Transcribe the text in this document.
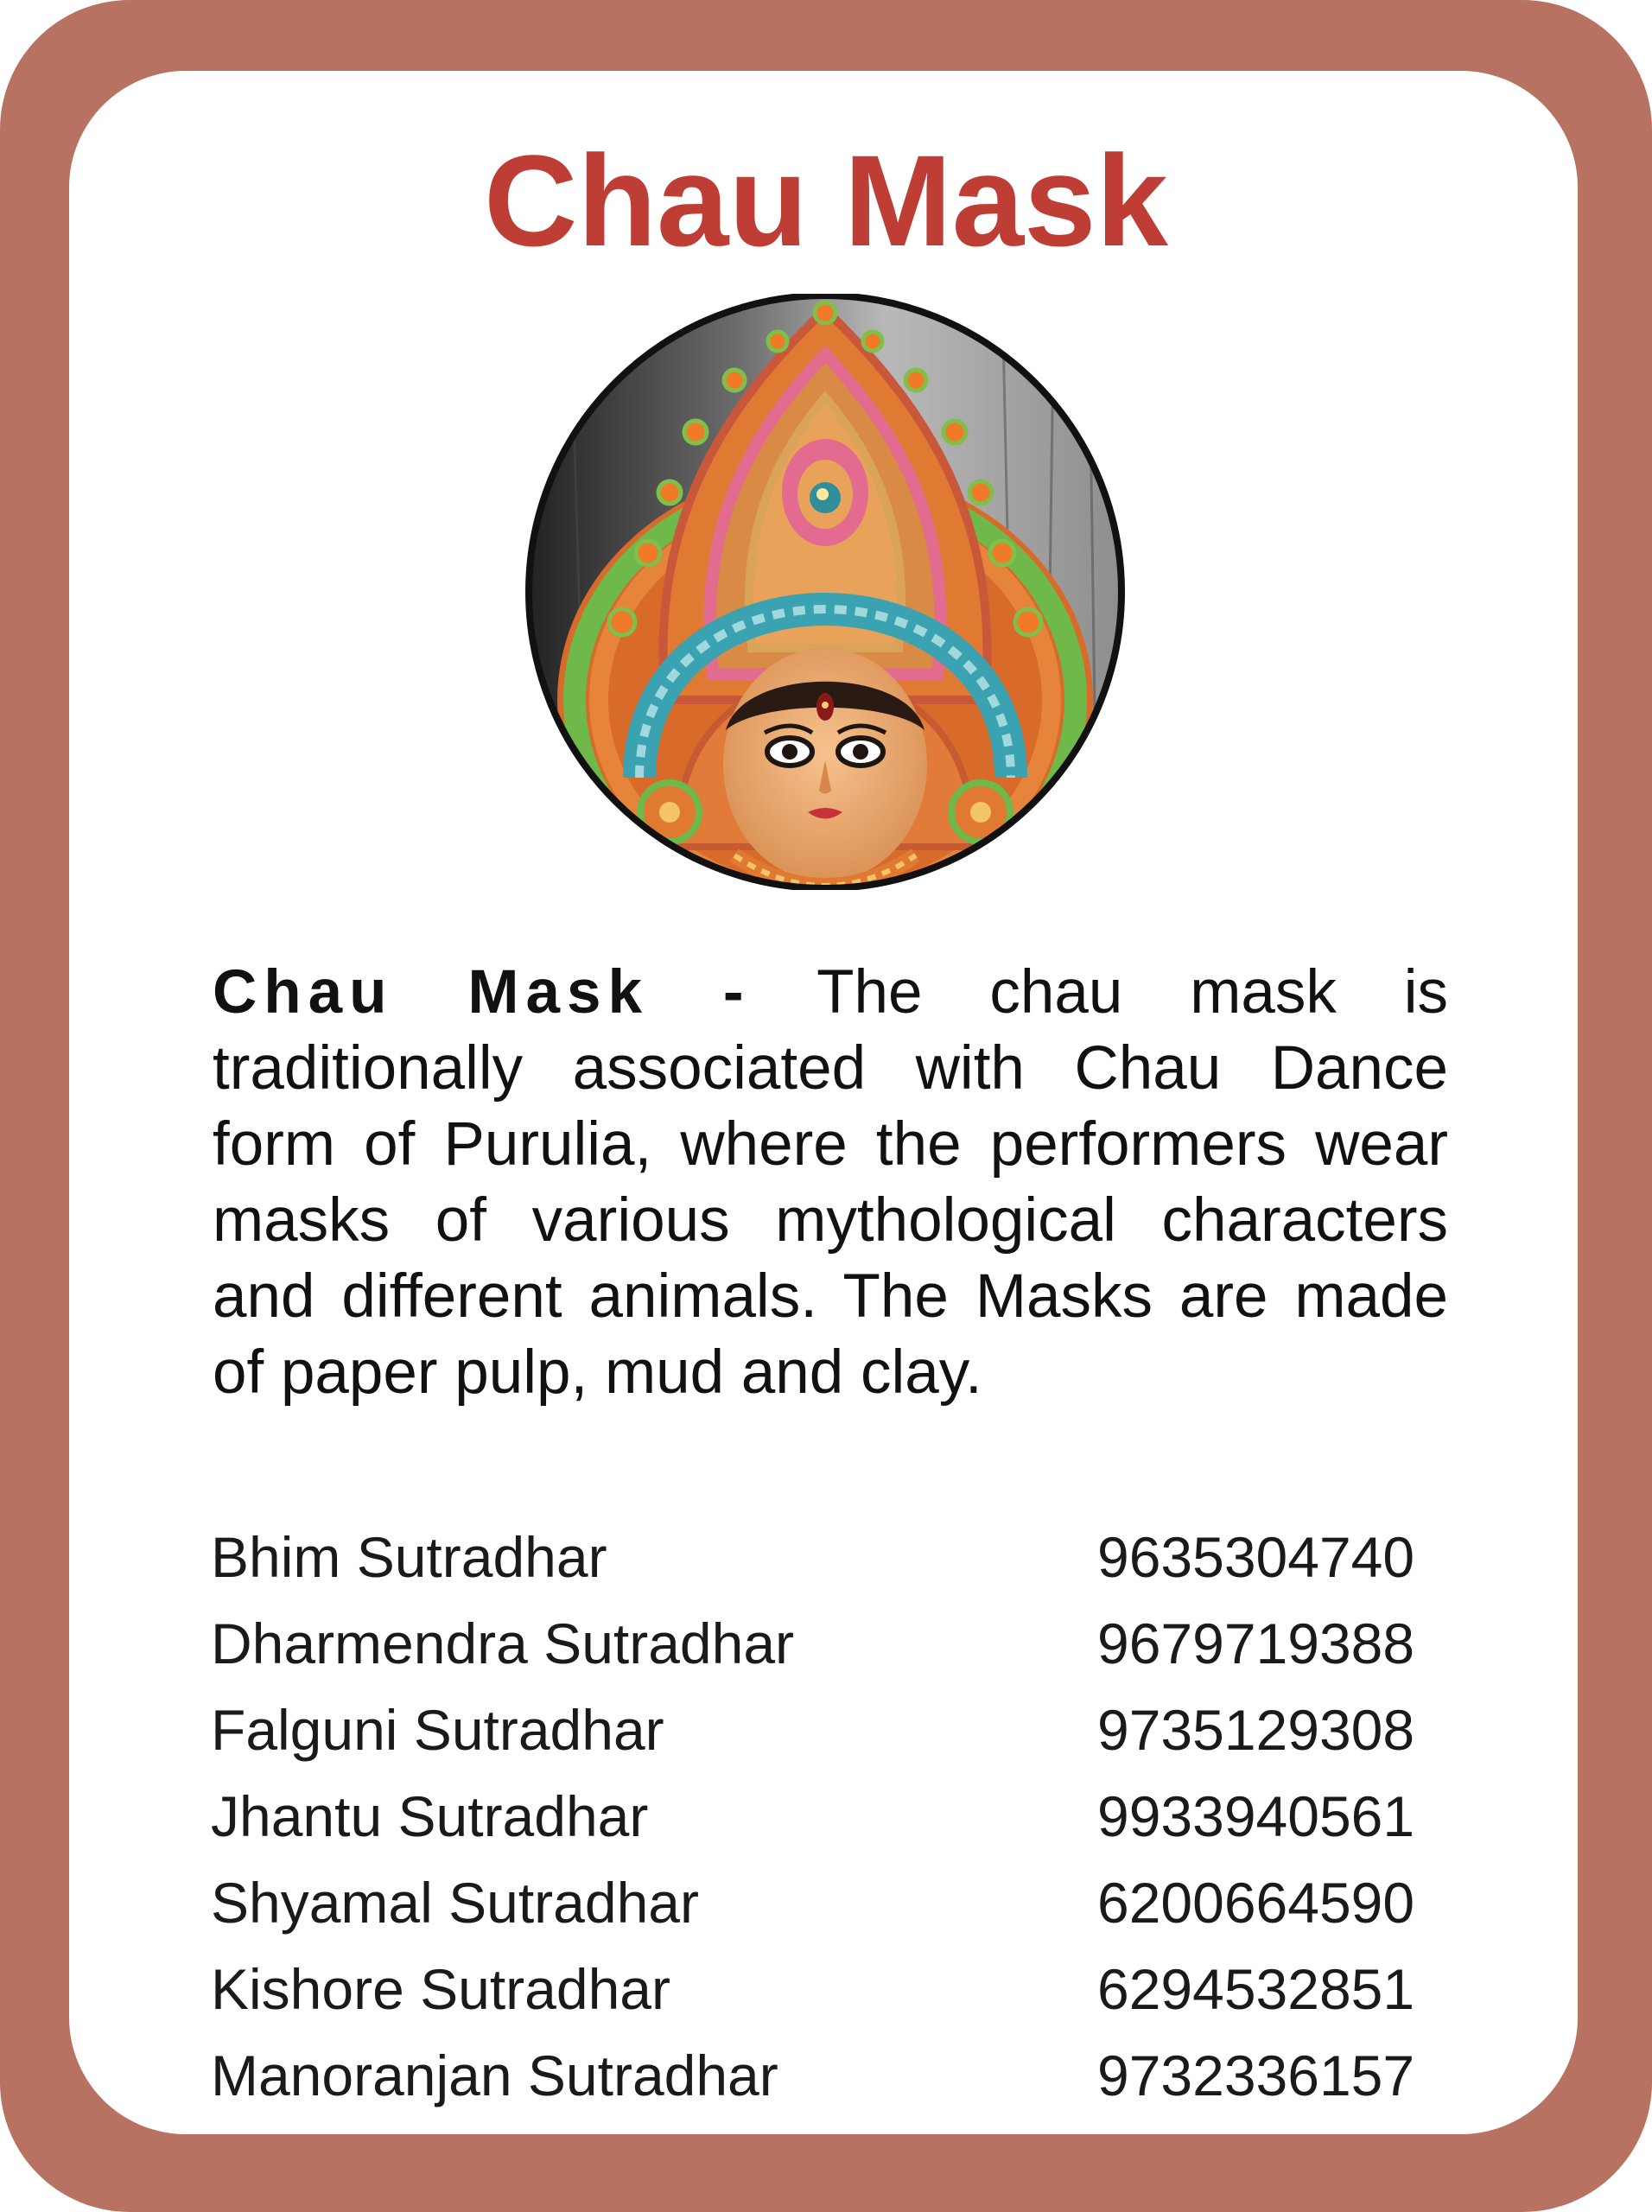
Chau Mask

Chau Mask - The chau mask is traditionally associated with Chau Dance form of Purulia, where the performers wear masks of various mythological characters and different animals. The Masks are made of paper pulp, mud and clay.

Bhim Sutradhar	9635304740
Dharmendra Sutradhar	9679719388
Falguni Sutradhar	9735129308
Jhantu Sutradhar	9933940561
Shyamal Sutradhar	6200664590
Kishore Sutradhar	6294532851
Manoranjan Sutradhar	9732336157
